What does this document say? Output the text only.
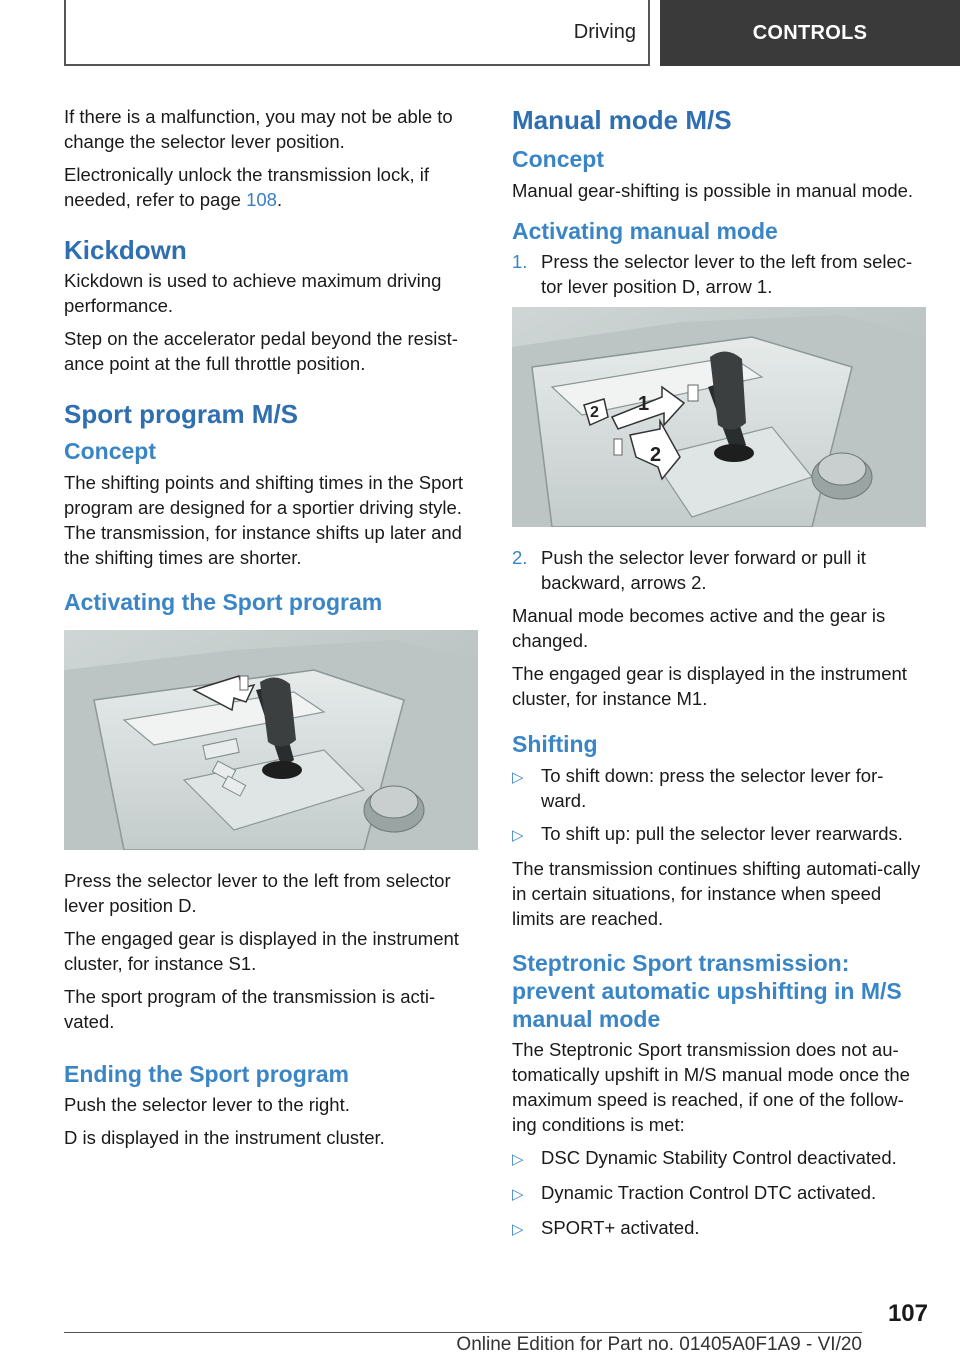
Driving	CONTROLS

If there is a malfunction, you may not be able to change the selector lever position.

Electronically unlock the transmission lock, if needed, refer to page 108.

Kickdown

Kickdown is used to achieve maximum driving performance.

Step on the accelerator pedal beyond the resist-ance point at the full throttle position.

Sport program M/S
Concept

The shifting points and shifting times in the Sport program are designed for a sportier driving style. The transmission, for instance shifts up later and the shifting times are shorter.

Activating the Sport program

Press the selector lever to the left from selector lever position D.

The engaged gear is displayed in the instrument cluster, for instance S1.

The sport program of the transmission is acti-vated.

Ending the Sport program

Push the selector lever to the right.

D is displayed in the instrument cluster.

Manual mode M/S
Concept

Manual gear-shifting is possible in manual mode.

Activating manual mode
1. Press the selector lever to the left from selec-tor lever position D, arrow 1.
1
2
2
2. Push the selector lever forward or pull it backward, arrows 2.

Manual mode becomes active and the gear is changed.

The engaged gear is displayed in the instrument cluster, for instance M1.

Shifting
▷ To shift down: press the selector lever for-ward.
▷ To shift up: pull the selector lever rearwards.

The transmission continues shifting automati-cally in certain situations, for instance when speed limits are reached.

Steptronic Sport transmission: prevent automatic upshifting in M/S manual mode

The Steptronic Sport transmission does not au-tomatically upshift in M/S manual mode once the maximum speed is reached, if one of the follow-ing conditions is met:

▷ DSC Dynamic Stability Control deactivated.
▷ Dynamic Traction Control DTC activated.
▷ SPORT+ activated.
107
Online Edition for Part no. 01405A0F1A9 - VI/20
